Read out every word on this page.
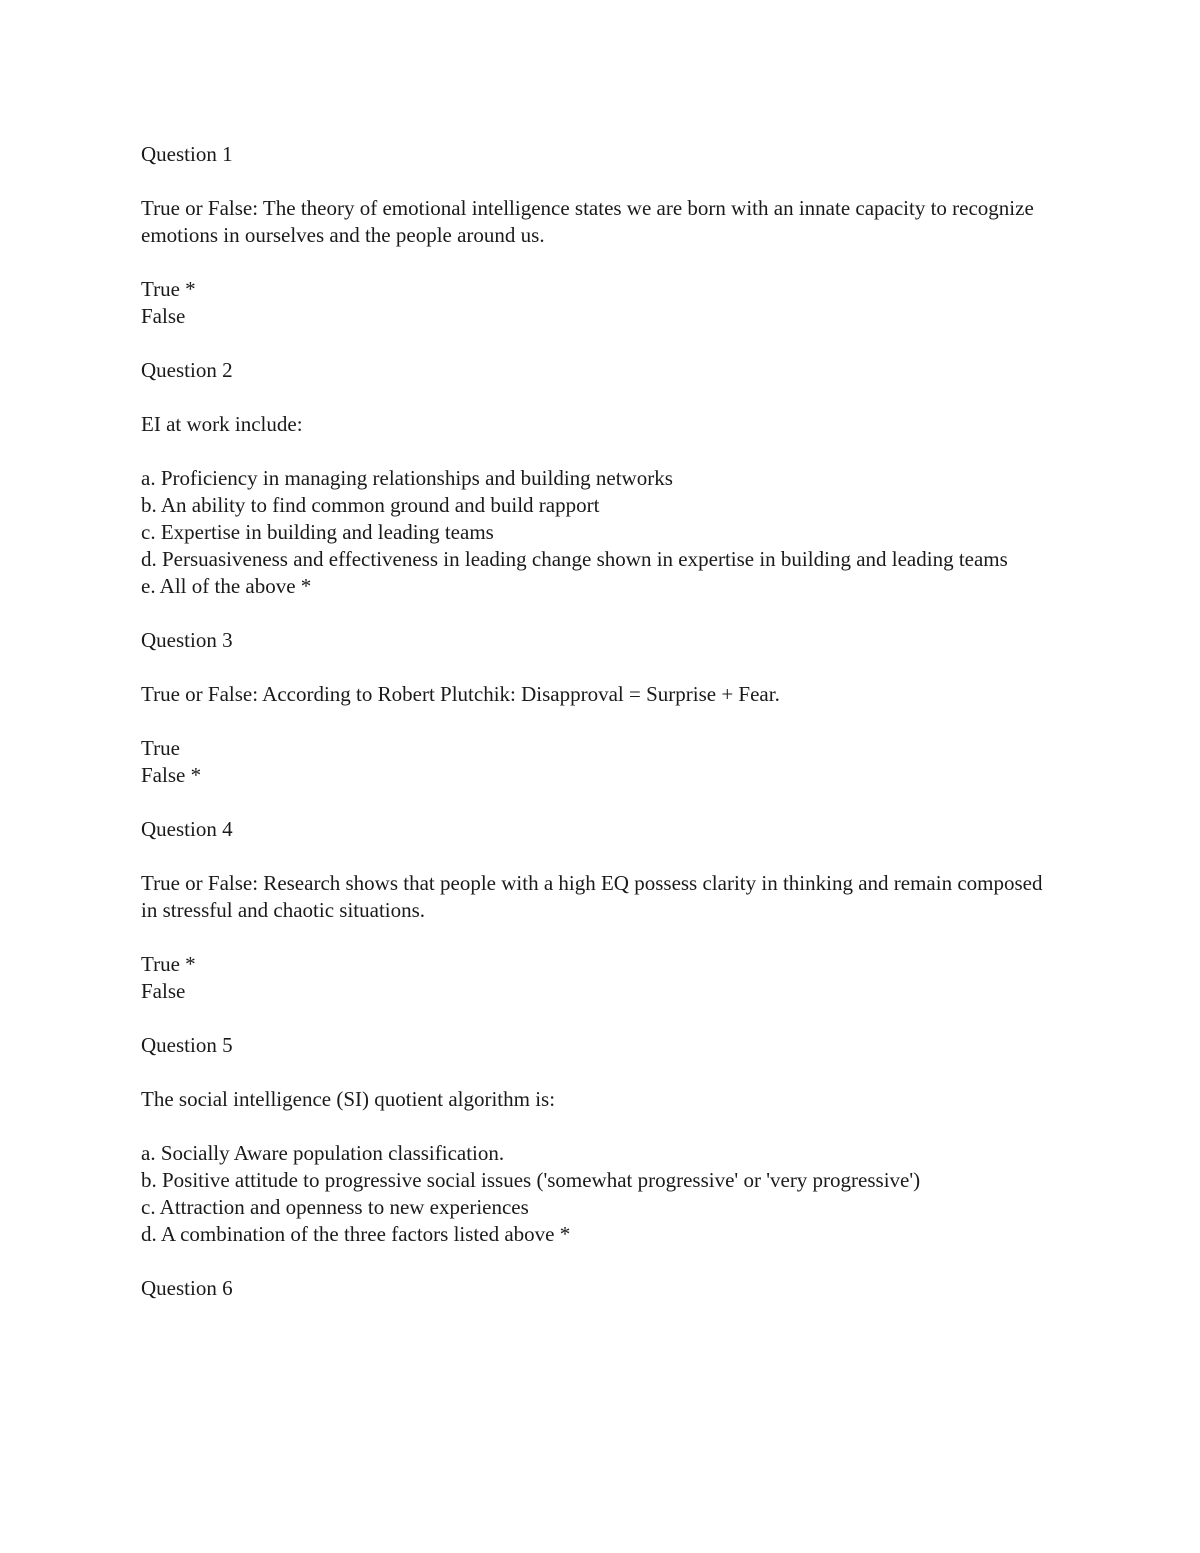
Question 1

True or False: The theory of emotional intelligence states we are born with an innate capacity to recognize emotions in ourselves and the people around us.

True *

False

Question 2

EI at work include:

a. Proficiency in managing relationships and building networks

b. An ability to find common ground and build rapport

c. Expertise in building and leading teams

d. Persuasiveness and effectiveness in leading change shown in expertise in building and leading teams

e. All of the above *

Question 3

True or False: According to Robert Plutchik: Disapproval = Surprise + Fear.

True

False *

Question 4

True or False: Research shows that people with a high EQ possess clarity in thinking and remain composed in stressful and chaotic situations.

True *

False

Question 5

The social intelligence (SI) quotient algorithm is:

a. Socially Aware population classification.

b. Positive attitude to progressive social issues ('somewhat progressive' or 'very progressive')

c. Attraction and openness to new experiences

d. A combination of the three factors listed above *

Question 6
